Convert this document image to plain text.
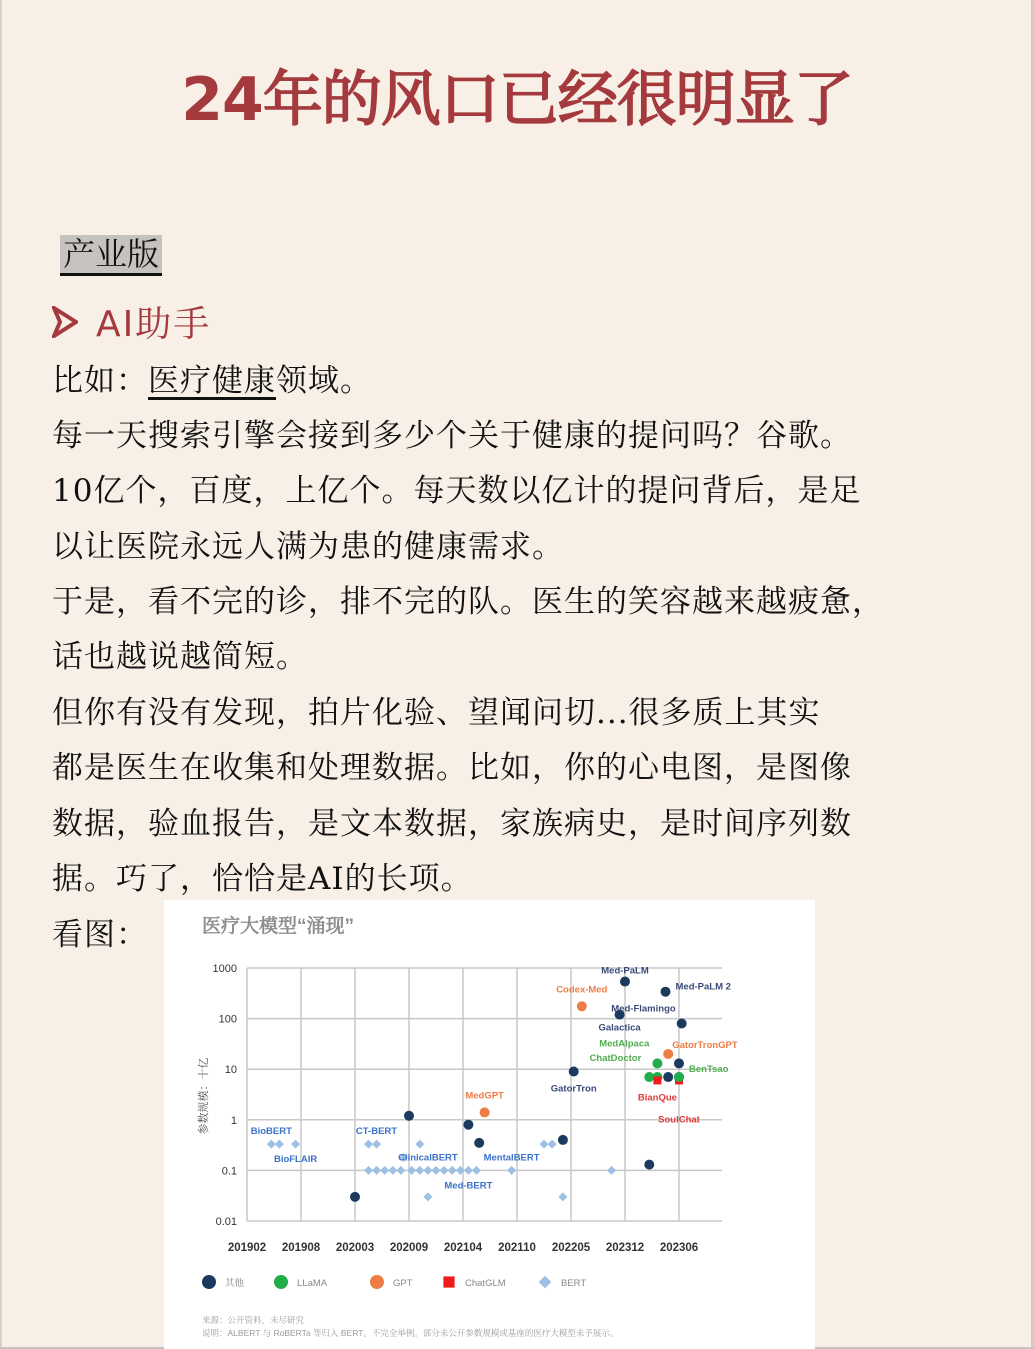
24年的风口已经很明显了
产业版
AI助手
比如：医疗健康领域。
每一天搜索引擎会接到多少个关于健康的提问吗？谷歌。
10亿个，百度，上亿个。每天数以亿计的提问背后，是足
以让医院永远人满为患的健康需求。
于是，看不完的诊，排不完的队。医生的笑容越来越疲惫，
话也越说越简短。
但你有没有发现，拍片化验、望闻问切...很多质上其实
都是医生在收集和处理数据。比如，你的心电图，是图像
数据，验血报告，是文本数据，家族病史，是时间序列数
据。巧了，恰恰是AI的长项。
看图：	医疗大模型“涌现”
1000
100
10
1
0.1
0.01
201902 201908 202003 202009 202104 202110 202205 202312 202306
参数规模：十亿
Med-PaLM
Med-PaLM 2
Codex-Med
Galactica
Med-Flamingo
GatorTronGPT
MedAlpaca
ChatDoctor
BianQue
SoulChat
BenTsao
GatorTron
MedGPT
BioBERT
BioFLAIR
CT-BERT
ClinicalBERT
Med-BERT
MentalBERT
其他	LLaMA	GPT	ChatGLM	BERT
来源：公开资料，未尽研究
说明：ALBERT 与 RoBERTa 等归入 BERT。不完全举例。部分未公开参数规模或基座的医疗大模型未予展示。
